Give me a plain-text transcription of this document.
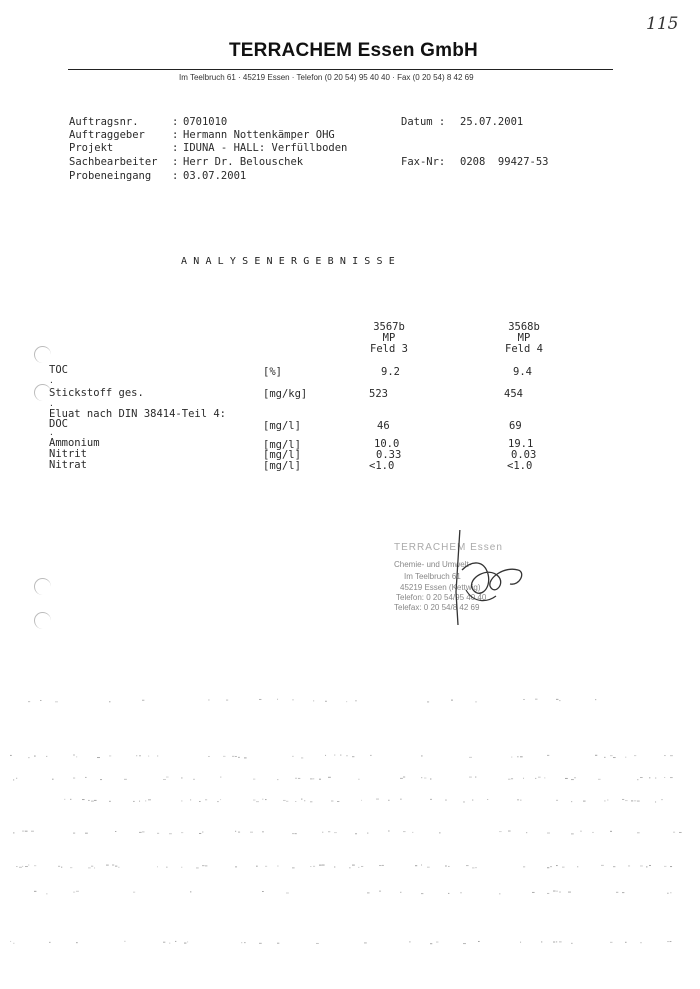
115
TERRACHEM Essen GmbH
Im Teelbruch 61 · 45219 Essen · Telefon (0 20 54) 95 40 40 · Fax (0 20 54) 8 42 69
Auftragsnr.	: 0701010
Auftraggeber	: Hermann Nottenkämper OHG
Projekt	: IDUNA - HALL: Verfüllboden
Sachbearbeiter : Herr Dr. Belouschek
Probeneingang : 03.07.2001
Datum : 25.07.2001
Fax-Nr: 0208  99427-53
ANALYSENERGEBNISSE
3567b
MP
Feld 3
3568b
MP
Feld 4
TOC	[%]	9.2	9.4
Stickstoff ges.	[mg/kg]	523	454
Eluat nach DIN 38414-Teil 4:
DOC	[mg/l]	46	69
Ammonium	[mg/l]	10.0	19.1
Nitrit	[mg/l]	0.33	0.03
Nitrat	[mg/l]	<1.0	<1.0
.
.
.
TERRACHEM Essen
Chemie- und Umwelt-
Im Teelbruch 61
45219 Essen (Kettwig)
Telefon: 0 20 54/95 40 40
Telefax: 0 20 54/8 42 69
